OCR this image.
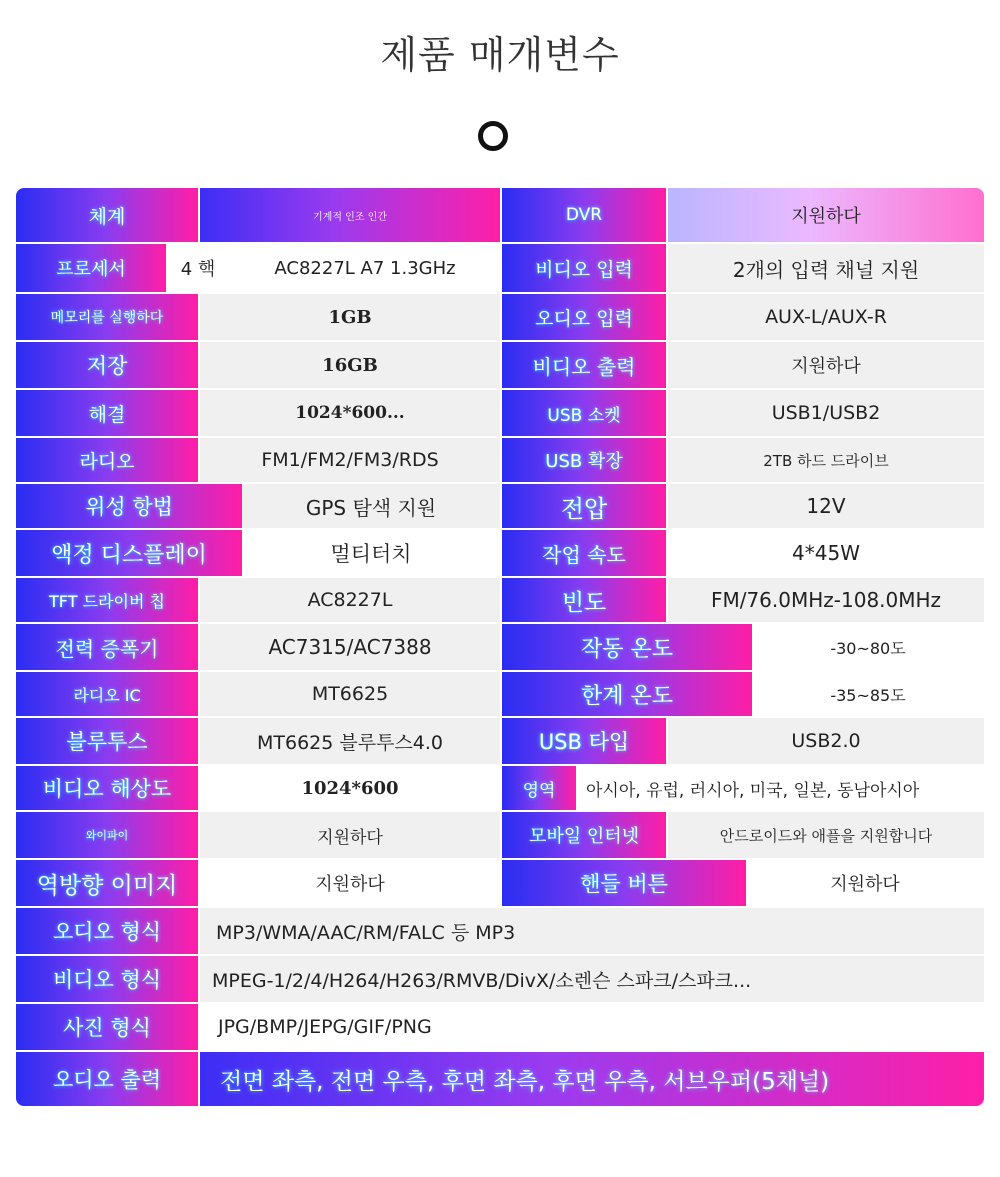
제품 매개변수
체계	기계적 인조 인간	DVR	지원하다
프로세서	4 핵	AC8227L A7 1.3GHz	비디오 입력	2개의 입력 채널 지원
메모리를 실행하다	1GB	오디오 입력	AUX-L/AUX-R
저장	16GB	비디오 출력	지원하다
해결	1024*600...	USB 소켓	USB1/USB2
라디오	FM1/FM2/FM3/RDS	USB 확장	2TB 하드 드라이브
위성 항법	GPS 탐색 지원	전압	12V
액정 디스플레이	멀티터치	작업 속도	4*45W
TFT 드라이버 칩	AC8227L	빈도	FM/76.0MHz-108.0MHz
전력 증폭기	AC7315/AC7388	작동 온도	-30~80도
라디오 IC	MT6625	한계 온도	-35~85도
블루투스	MT6625 블루투스4.0	USB 타입	USB2.0
비디오 해상도	1024*600	영역 아시아, 유럽, 러시아, 미국, 일본, 동남아시아
와이파이	지원하다	모바일 인터넷	안드로이드와 애플을 지원합니다
역방향 이미지	지원하다	핸들 버튼	지원하다
오디오 형식	MP3/WMA/AAC/RM/FALC 등 MP3
비디오 형식	MPEG-1/2/4/H264/H263/RMVB/DivX/소렌슨 스파크/스파크...
사진 형식	JPG/BMP/JEPG/GIF/PNG
오디오 출력	전면 좌측, 전면 우측, 후면 좌측, 후면 우측, 서브우퍼(5채널)
